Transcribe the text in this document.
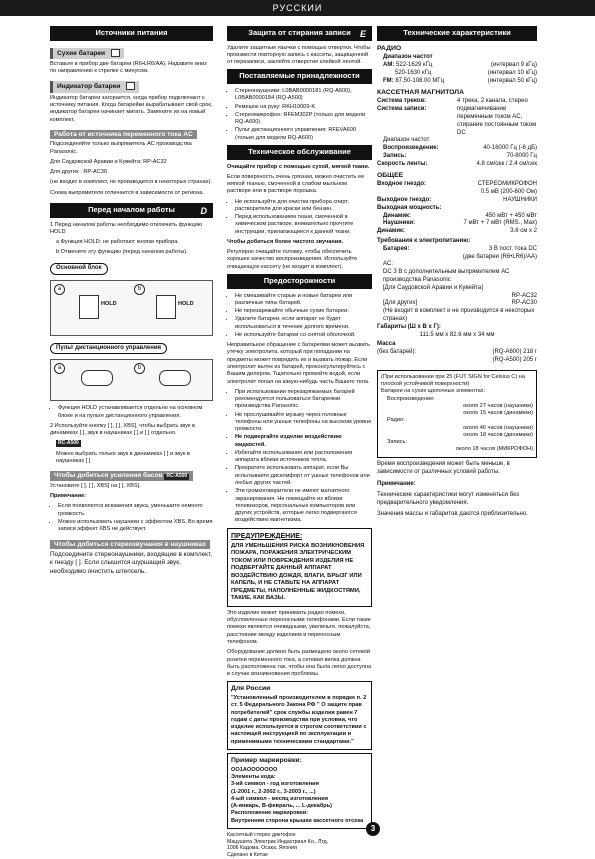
РУССКИИ
Источники питания
Сухие батареи

Вставьте в прибор две батареи (R6•LR6/AA). Надавите вниз по направлению к стрелке с минусом.

Индикатор батареи

Индикатор батареи загорается, когда прибор подключают к источнику питания. Когда батарейки вырабатывают свой срок, индикатор батареи начинает мигать. Замените их на новый комплект.

Работа от источника переменного тока AC

Подсоединяйте только выпрямитель АС производства Panasonic.

Для Саудовской Аравии и Кувейта: RP-AC32

Для других : RP-AC30

(не входит в комплект, не производится в некоторых странах).

Схема выпрямителя отличается в зависимости от региона.

Перед началом работы	D

1 Перед началом работы необходимо отключить функцию HOLD

a Функция HOLD: не работают кнопки прибора.

b Отмените эту функцию (перед началом работы).

Основной блок
a	b
HOLD	HOLD
Пульт дистанционного управления
a	b
• Функция HOLD устанавливается отдельно на основном блоке и на пульте дистанционного управления.

2 Используйте кнопку [ ], [ ], XBS], чтобы выбрать звук в динамиках [ ], звук в наушниках [ ] и [ ] отдельно.

RC-A500

Можно выбрать только звук в динамиках [ ] и звук в наушниках [ ]

Чтобы добиться усиления басов RC-A500

Установите [ ], [ ], XBS] на [ ], XBS].

Примечание:

• Если появляются искажения звука, уменьшите немного громкость.
• Можно использовать наушники с эффектом XBS. Во время записи эффект XBS не действует.
Чтобы добиться стереозвучания в наушниках

Подсоедините стереонаушники, входящие в комплект, к гнезду [ ]. Если слышится шуршащий звук, необходимо очистить штепсель.

Защита от стирания записи E

Удалите защитные язычки с помощью отвертки. Чтобы произвести повторную запись с кассеты, защищенной от перезаписи, заклейте отверстие клейкой лентой.

Поставляемые принадлежности
• Стереонаушники: L0BAB0000181 (RQ-A600), L0BAB0000184 (RQ-A500)
• Ремешок на руку: RKH10009-K
• Стереомикрофон: RFEM302P (только для модели RQ-A600)
• Пульт дистанционного управления: RFEVA600 (только для модели RQ-A600)
Техническое обслуживание

Очищайте прибор с помощью сухой, мягкой ткани.

Если поверхность очень грязная, можно очистить ее мягкой тканью, смоченной в слабом мыльном растворе или в растворе порошка.

• Не используйте для очистки прибора спирт, растворители для краски или бензин.
• Перед использованием ткани, смоченной в химическом растворе, внимательно прочтите инструкции, прилагающиеся к данной ткани.

Чтобы добиться более чистого звучания.

Регулярно очищайте головку, чтобы обеспечить хорошее качество воспроизведения. Используйте очищающую кассету (не входит в комплект).

Предосторожности
• Не смешивайте старые и новые батареи или различные типы батарей.
• Не перезаряжайте обычные сухие батареи.
• Удалите батареи, если аппарат не будет использоваться в течение долгого времени.
• Не используйте батареи со снятой оболочкой.

Неправильное обращение с батареями может вызвать утечку электролита, который при попадании на предметы может повредить их и вызвать пожар. Если электролит вытек из батарей, проконсультируйтесь с Вашим дилером. Тщательно промойте водой, если электролит попал на какую-нибудь часть Вашего тела.

• При использовании перезаряжаемых батарей рекомендуется пользоваться батареями производства Panasonic.
• Не прослушивайте музыку через головные телефоны или ушные телефоны на высоком уровне громкости.
• Не подвергайте изделие воздействию жидкостей.
• Избегайте использования или расположения аппарата вблизи источников тепла.
• Прекратите использовать аппарат, если Вы испытываете дискомфорт от ушных телефонов или любых других частей.
• Эти громкоговорители не имеют магнитного экранирования. Не помещайте их вблизи телевизоров, персональных компьютеров или других устройств, которые легко подвергаются воздействию магнетизма.
ПРЕДУПРЕЖДЕНИЕ:
ДЛЯ УМЕНЬШЕНИЯ РИСКА ВОЗНИКНОВЕНИЯ ПОЖАРА, ПОРАЖЕНИЯ ЭЛЕКТРИЧЕСКИМ ТОКОМ ИЛИ ПОВРЕЖДЕНИЯ ИЗДЕЛИЯ НЕ ПОДВЕРГАЙТЕ ДАННЫЙ АППАРАТ ВОЗДЕЙСТВИЮ ДОЖДЯ, ВЛАГИ, БРЫЗГ ИЛИ КАПЕЛЬ, И НЕ СТАВЬТЕ НА АППАРАТ ПРЕДМЕТЫ, НАПОЛНЕННЫЕ ЖИДКОСТЯМИ, ТАКИЕ, КАК ВАЗЫ.

Это изделие может принимать радио помехи, обусловленные переносными телефонами. Если такие помехи являются очевидными, увеличьте, пожалуйста, расстояние между изделием и переносным телефоном.

Оборудование должно быть размещено около сетевой розетки переменного тока, а сетевая вилка должна быть расположена так, чтобы она была легко доступна в случае возникновения проблемы.

Для России
"Установленный производителем в порядке п. 2 ст. 5 Федерального Закона РФ " О защите прав потребителей" срок службы изделия равен 7 годам с даты производства при условии, что изделие используется в строгом соответствии с настоящей инструкцией по эксплуатации и применимыми техническими стандартами."
Пример маркировки:
OO1AOOOOOOO
Элементы кода:
3-ий символ - год изготовления
(1-2001 г., 2-2002 г., 3-2003 г., ...)
4-ый символ - месяц изготовления
(А-январь, В-февраль, ... L-декабрь)
Расположение маркировки:
Внутренняя сторона крышки кассетного отсека
Кассетный стерео диктофон
Мацушита Электрик Индастриал Ко., Лтд.
1006 Кадома, Осака, Япония
Сделано в Китае
Технические характеристики
РАДИО
Диапазон частот
AM: 522-1629 кГц	(интервал 9 кГц)
520-1630 кГц	(интервал 10 кГц)
FM: 87.50-108.00 МГц	(интервал 50 кГц)
КАССЕТНАЯ МАГНИТОЛА
Система треков:	4 трека, 2 канала, стерео
Система записи:	подмагничивание переменным током AC, стирание постоянным током DC
Диапазон частот
Воспроизведение:	40-16000 Гц (-6 дБ)
Запись:	70-8000 Гц
Скорость ленты:	4.8 см/сек / 2.4 см/сек
ОБЩЕЕ
Входное гнездо:	СТЕРЕОМИКРОФОН
0.5 мВ (200-600 Ом)
Выходное гнездо:	НАУШНИКИ
Выходная мощность:
Динамик:	450 мВт + 450 мВт
Наушники:	7 мВт + 7 мВт (RMS., Max)
Динамик:	3.6 см x 2
Требования к электропитанию:
Батарея:	3 В пост. тока DC
(две батареи (R6•LR6)/AA)
AC:
DC 3 В с дополнительным выпрямителем АС производства Panasonic
[Для Саудовской Аравии и Кувейта]
RP-AC32
[Для других]	RP-AC30
(Не входит в комплект и не производится в некоторых странах)
Габариты (Ш x В x Г):
111.5 мм x 82.6 мм x 34 мм
Масса
(без батарей):	(RQ-A600) 218 г
(RQ-A500) 205 г
(При использовании при 25 (FUT SIGN for Celsius C) на плоской устойчивой поверхности)
Батареи на сухих щелочных элементах:
Воспроизведение:
около 27 часов (наушники)
около 15 часов (динамики)
Радио:
около 46 часов (наушники)
около 18 часов (динамики)
Запись:
около 18 часов (МИКРОФОН)

Время воспроизведения может быть меньше, в зависимости от различных условий работы.

Примечание:

Технические характеристики могут изменяться без предварительного уведомления.

Значения массы и габаритов даются приблизительно.

3
